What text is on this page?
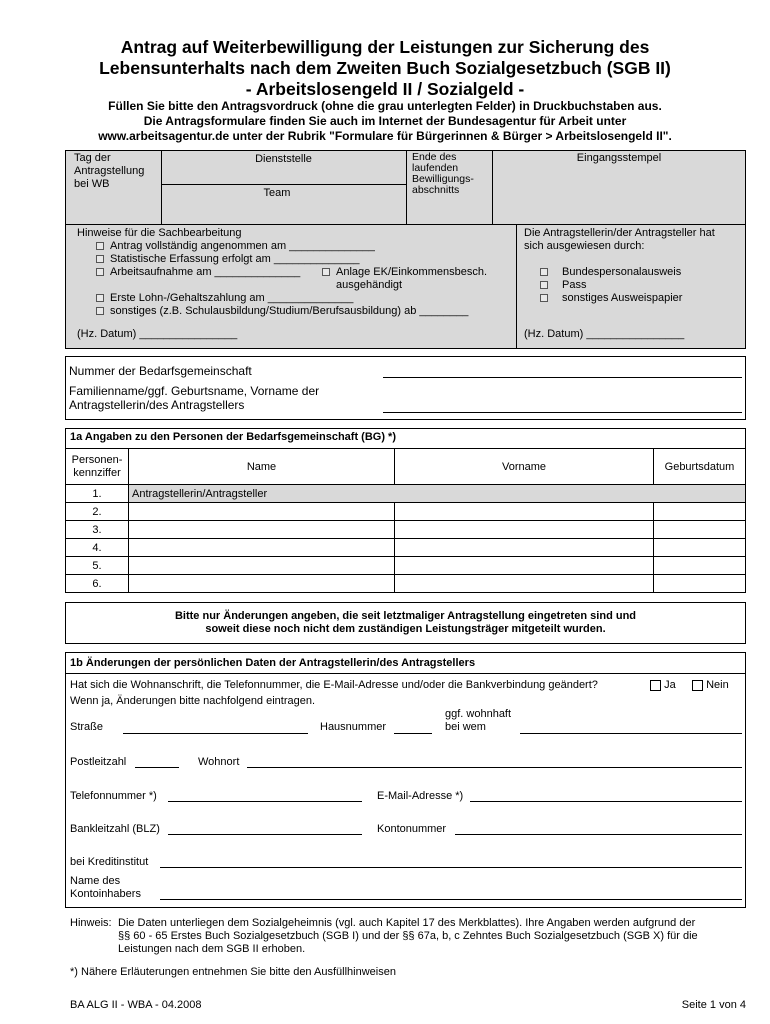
Antrag auf Weiterbewilligung der Leistungen zur Sicherung des
Lebensunterhalts nach dem Zweiten Buch Sozialgesetzbuch (SGB II)
- Arbeitslosengeld II / Sozialgeld -
Füllen Sie bitte den Antragsvordruck (ohne die grau unterlegten Felder) in Druckbuchstaben aus.
Die Antragsformulare finden Sie auch im Internet der Bundesagentur für Arbeit unter
www.arbeitsagentur.de unter der Rubrik "Formulare für Bürgerinnen & Bürger > Arbeitslosengeld II".
Tag der
Antragstellung
bei WB
Dienststelle
Team
Ende des
laufenden
Bewilligungs-
abschnitts
Eingangsstempel
Hinweise für die Sachbearbeitung
Antrag vollständig angenommen am ______________
Statistische Erfassung erfolgt am ______________
Arbeitsaufnahme am ______________	Anlage EK/Einkommensbesch.
ausgehändigt
Erste Lohn-/Gehaltszahlung am ______________
sonstiges (z.B. Schulausbildung/Studium/Berufsausbildung) ab ________
(Hz. Datum) ________________
Die Antragstellerin/der Antragsteller hat
sich ausgewiesen durch:
Bundespersonalausweis
Pass
sonstiges Ausweispapier
(Hz. Datum) ________________
Nummer der Bedarfsgemeinschaft
Familienname/ggf. Geburtsname, Vorname der
Antragstellerin/des Antragstellers
1a Angaben zu den Personen der Bedarfsgemeinschaft (BG) *)
Personen-
kennziffer	Name	Vorname	Geburtsdatum
1.	Antragstellerin/Antragsteller		
2.			
3.			
4.			
5.			
6.			
Bitte nur Änderungen angeben, die seit letztmaliger Antragstellung eingetreten sind und
soweit diese noch nicht dem zuständigen Leistungsträger mitgeteilt wurden.
1b Änderungen der persönlichen Daten der Antragstellerin/des Antragstellers
Hat sich die Wohnanschrift, die Telefonnummer, die E-Mail-Adresse und/oder die Bankverbindung geändert?	Ja	Nein
Wenn ja, Änderungen bitte nachfolgend eintragen.
Straße	Hausnummer
ggf. wohnhaft
bei wem
Postleitzahl	Wohnort
Telefonnummer *)	E-Mail-Adresse *)
Bankleitzahl (BLZ)	Kontonummer
bei Kreditinstitut
Name des
Kontoinhabers
Hinweis: Die Daten unterliegen dem Sozialgeheimnis (vgl. auch Kapitel 17 des Merkblattes). Ihre Angaben werden aufgrund der
§§ 60 - 65 Erstes Buch Sozialgesetzbuch (SGB I) und der §§ 67a, b, c Zehntes Buch Sozialgesetzbuch (SGB X) für die
Leistungen nach dem SGB II erhoben.
*) Nähere Erläuterungen entnehmen Sie bitte den Ausfüllhinweisen
BA ALG II - WBA - 04.2008	Seite 1 von 4
